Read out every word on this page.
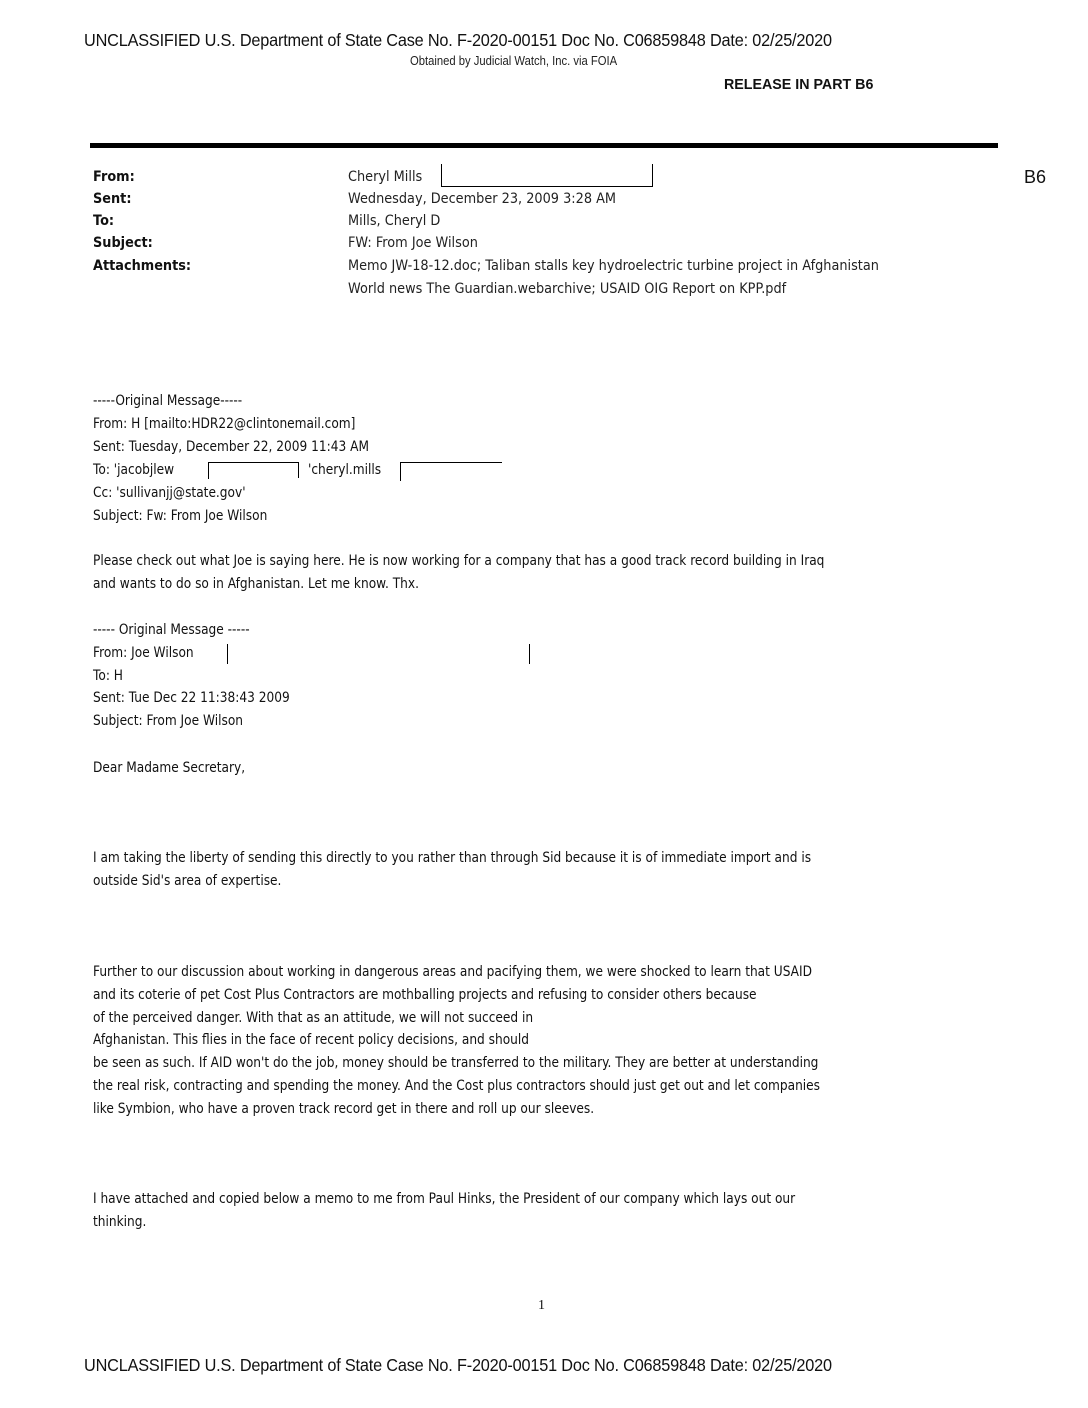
UNCLASSIFIED U.S. Department of State Case No. F-2020-00151 Doc No. C06859848 Date: 02/25/2020
Obtained by Judicial Watch, Inc. via FOIA
RELEASE IN PART B6
B6
From:	Cheryl Mills
Sent:	Wednesday, December 23, 2009 3:28 AM
To:	Mills, Cheryl D
Subject:	FW: From Joe Wilson
Attachments:	Memo JW-18-12.doc; Taliban stalls key hydroelectric turbine project in Afghanistan
World news The Guardian.webarchive; USAID OIG Report on KPP.pdf
-----Original Message-----
From: H [mailto:HDR22@clintonemail.com]
Sent: Tuesday, December 22, 2009 11:43 AM
To: 'jacobjlew	'cheryl.mills
Cc: 'sullivanjj@state.gov'
Subject: Fw: From Joe Wilson
Please check out what Joe is saying here. He is now working for a company that has a good track record building in Iraq
and wants to do so in Afghanistan. Let me know. Thx.
----- Original Message -----
From: Joe Wilson
To: H
Sent: Tue Dec 22 11:38:43 2009
Subject: From Joe Wilson
Dear Madame Secretary,
I am taking the liberty of sending this directly to you rather than through Sid because it is of immediate import and is
outside Sid's area of expertise.
Further to our discussion about working in dangerous areas and pacifying them, we were shocked to learn that USAID
and its coterie of pet Cost Plus Contractors are mothballing projects and refusing to consider others because
of the perceived danger. With that as an attitude, we will not succeed in
Afghanistan. This flies in the face of recent policy decisions, and should
be seen as such. If AID won't do the job, money should be transferred to the military. They are better at understanding
the real risk, contracting and spending the money. And the Cost plus contractors should just get out and let companies
like Symbion, who have a proven track record get in there and roll up our sleeves.
I have attached and copied below a memo to me from Paul Hinks, the President of our company which lays out our
thinking.
1
UNCLASSIFIED U.S. Department of State Case No. F-2020-00151 Doc No. C06859848 Date: 02/25/2020
